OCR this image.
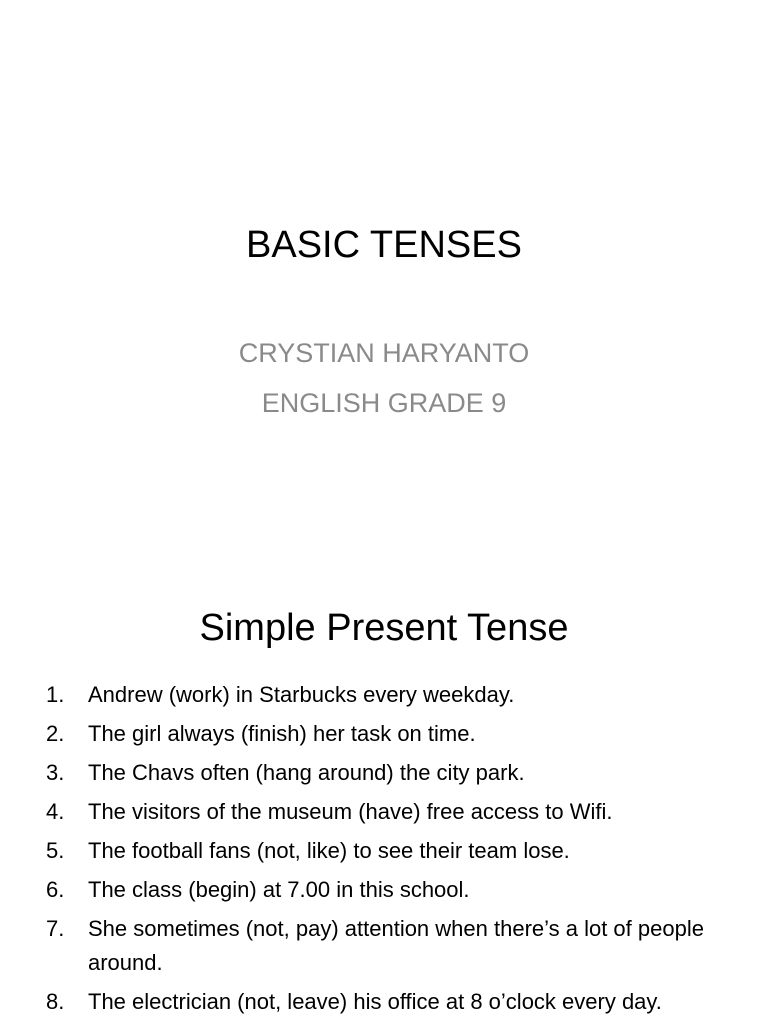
BASIC TENSES
CRYSTIAN HARYANTO
ENGLISH GRADE 9
Simple Present Tense
1.	Andrew (work) in Starbucks every weekday.
2.	The girl always (finish) her task on time.
3.	The Chavs often (hang around) the city park.
4.	The visitors of the museum (have) free access to Wifi.
5.	The football fans (not, like) to see their team lose.
6.	The class (begin) at 7.00 in this school.
7.	She sometimes (not, pay) attention when there’s a lot of people around.
8.	The electrician (not, leave) his office at 8 o’clock every day.
